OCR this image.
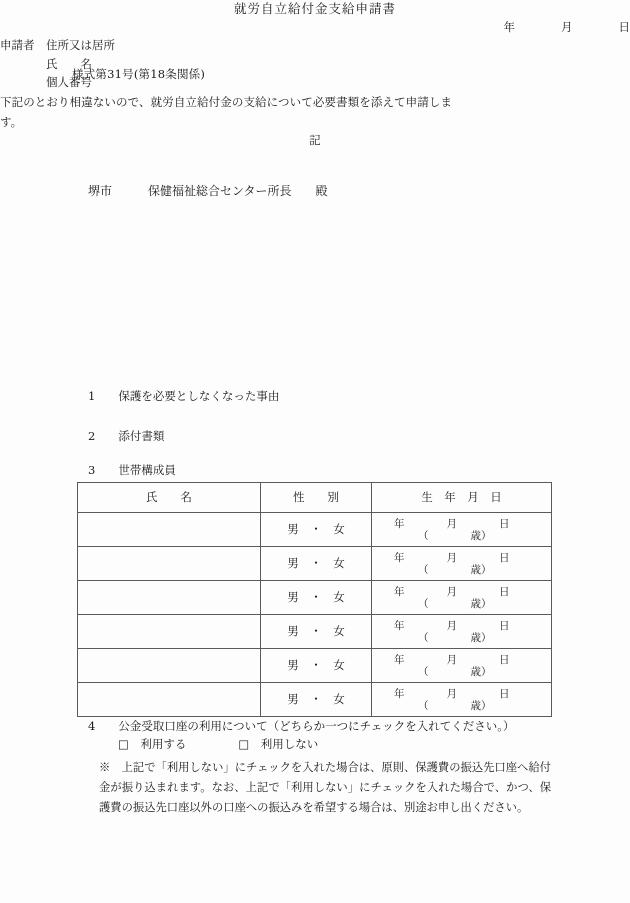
様式第31号(第18条関係)
就労自立給付金支給申請書
年　　　　月　　　　日
堺市　　　保健福祉総合センター所長　　殿
申請者　住所又は居所
　　　　氏　　名
　　　　個人番号
下記のとおり相違ないので、就労自立給付金の支給について必要書類を添えて申請します。
記
1　　保護を必要としなくなった事由
2　　添付書類
3　　世帯構成員
氏　　名	性　　別	生　年　月　日
	男　・　女	年　　　　月　　　　日
（　　　　歳）

	男　・　女	年　　　　月　　　　日
（　　　　歳）

	男　・　女	年　　　　月　　　　日
（　　　　歳）

	男　・　女	年　　　　月　　　　日
（　　　　歳）

	男　・　女	年　　　　月　　　　日
（　　　　歳）

	男　・　女	年　　　　月　　　　日
（　　　　歳）
4　　公金受取口座の利用について（どちらか一つにチェックを入れてください。）
□　 利用する	□　 利用しない
※　 上記で「利用しない」にチェックを入れた場合は、原則、保護費の振込先口座へ給付金が振り込まれます。なお、上記で「利用しない」にチェックを入れた場合で、かつ、保護費の振込先口座以外の口座への振込みを希望する場合は、別途お申し出ください。
